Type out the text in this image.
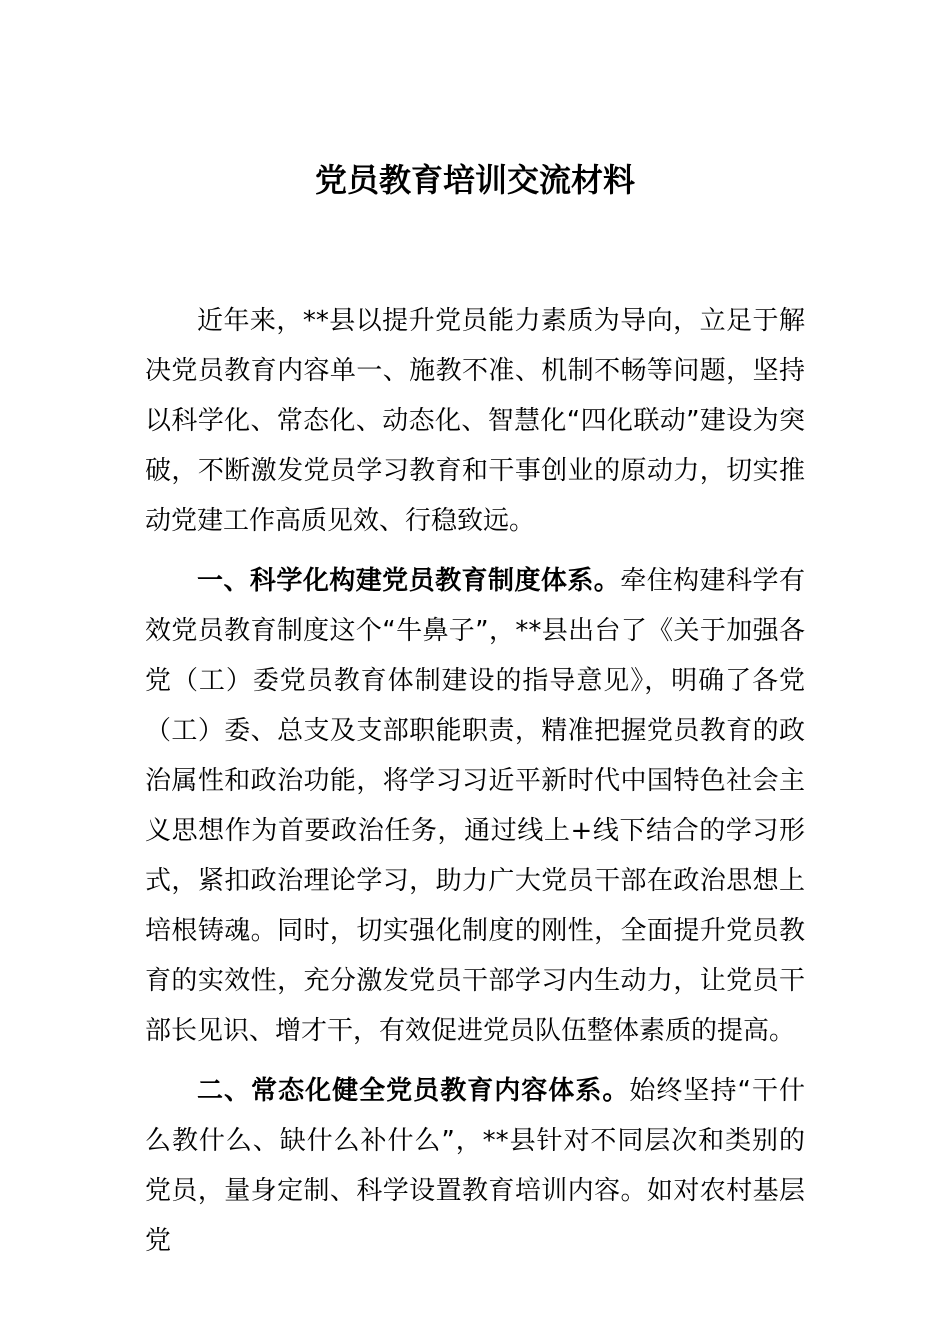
党员教育培训交流材料

近年来，**县以提升党员能力素质为导向，立足于解决党员教育内容单一、施教不准、机制不畅等问题，坚持以科学化、常态化、动态化、智慧化“四化联动”建设为突破，不断激发党员学习教育和干事创业的原动力，切实推动党建工作高质见效、行稳致远。

一、科学化构建党员教育制度体系。牵住构建科学有效党员教育制度这个“牛鼻子”，**县出台了《关于加强各党（工）委党员教育体制建设的指导意见》，明确了各党（工）委、总支及支部职能职责，精准把握党员教育的政治属性和政治功能，将学习习近平新时代中国特色社会主义思想作为首要政治任务，通过线上+线下结合的学习形式，紧扣政治理论学习，助力广大党员干部在政治思想上培根铸魂。同时，切实强化制度的刚性，全面提升党员教育的实效性，充分激发党员干部学习内生动力，让党员干部长见识、增才干，有效促进党员队伍整体素质的提高。

二、常态化健全党员教育内容体系。始终坚持“干什么教什么、缺什么补什么”，**县针对不同层次和类别的党员，量身定制、科学设置教育培训内容。如对农村基层党
